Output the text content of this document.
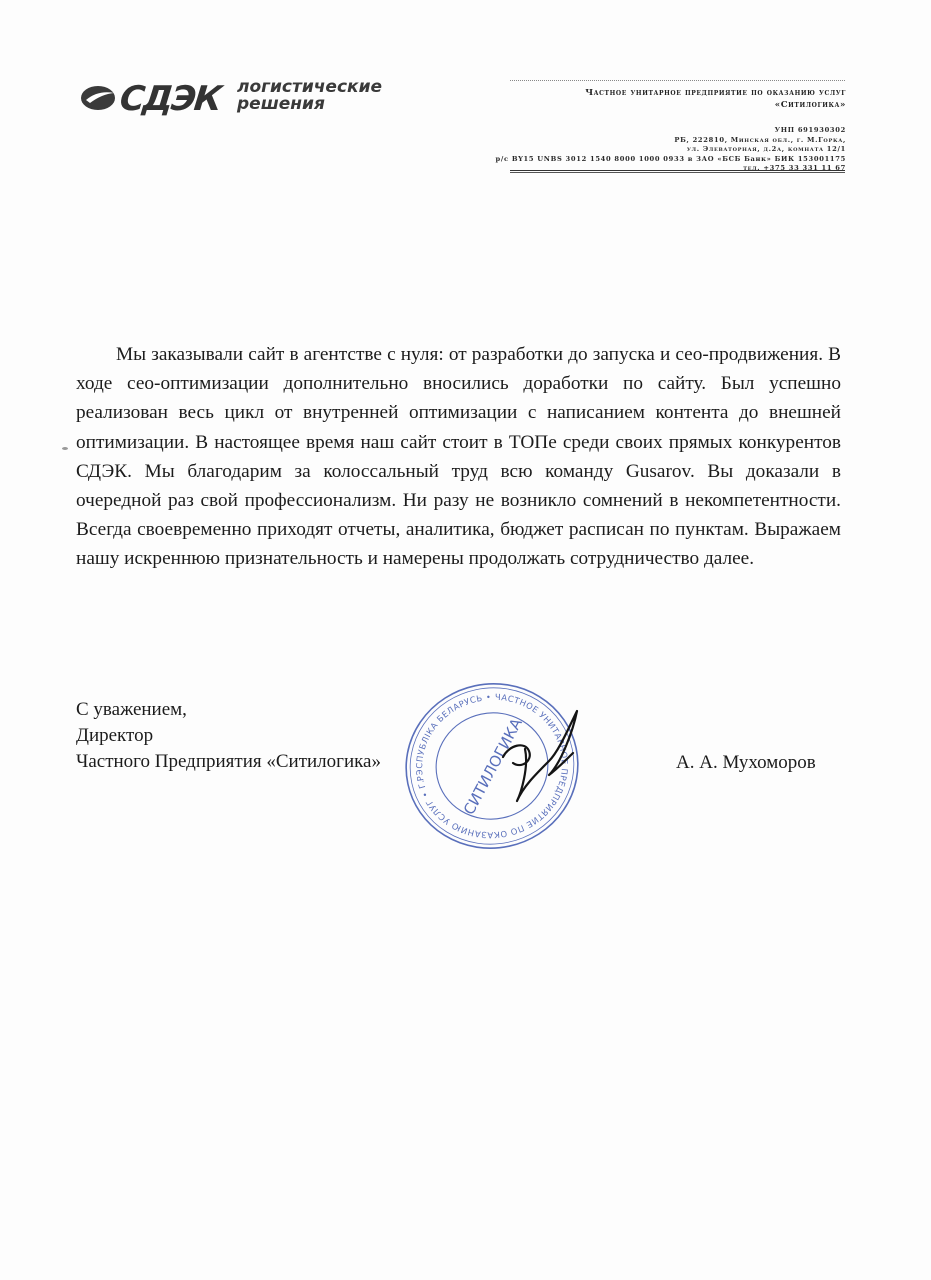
СДЭК логистические решения
Частное унитарное предприятие по оказанию услуг
«Ситилогика»
УНП 691930302
РБ, 222810, Минская обл., г. М.Горка,
ул. Элеваторная, д.2а, комната 12/1
р/с BY15 UNBS 3012 1540 8000 1000 0933 в ЗАО «БСБ Банк» БИК 153001175
тел. +375 33 331 11 67
Мы заказывали сайт в агентстве с нуля: от разработки до запуска и сео-продвижения. В ходе сео-оптимизации дополнительно вносились доработки по сайту. Был успешно реализован весь цикл от внутренней оптимизации с написанием контента до внешней оптимизации. В настоящее время наш сайт стоит в ТОПе среди своих прямых конкурентов СДЭК. Мы благодарим за колоссальный труд всю команду Gusarov. Вы доказали в очередной раз свой профессионализм. Ни разу не возникло сомнений в некомпетентности. Всегда своевременно приходят отчеты, аналитика, бюджет расписан по пунктам. Выражаем нашу искреннюю признательность и намерены продолжать сотрудничество далее.
С уважением,
Директор
Частного Предприятия «Ситилогика»	А. А. Мухоморов
РЭСПУБЛІКА БЕЛАРУСЬ • ЧАСТНОЕ УНИТАРНОЕ ПРЕДПРИЯТИЕ ПО ОКАЗАНИЮ УСЛУГ • Г.	СИТИЛОГИКА
